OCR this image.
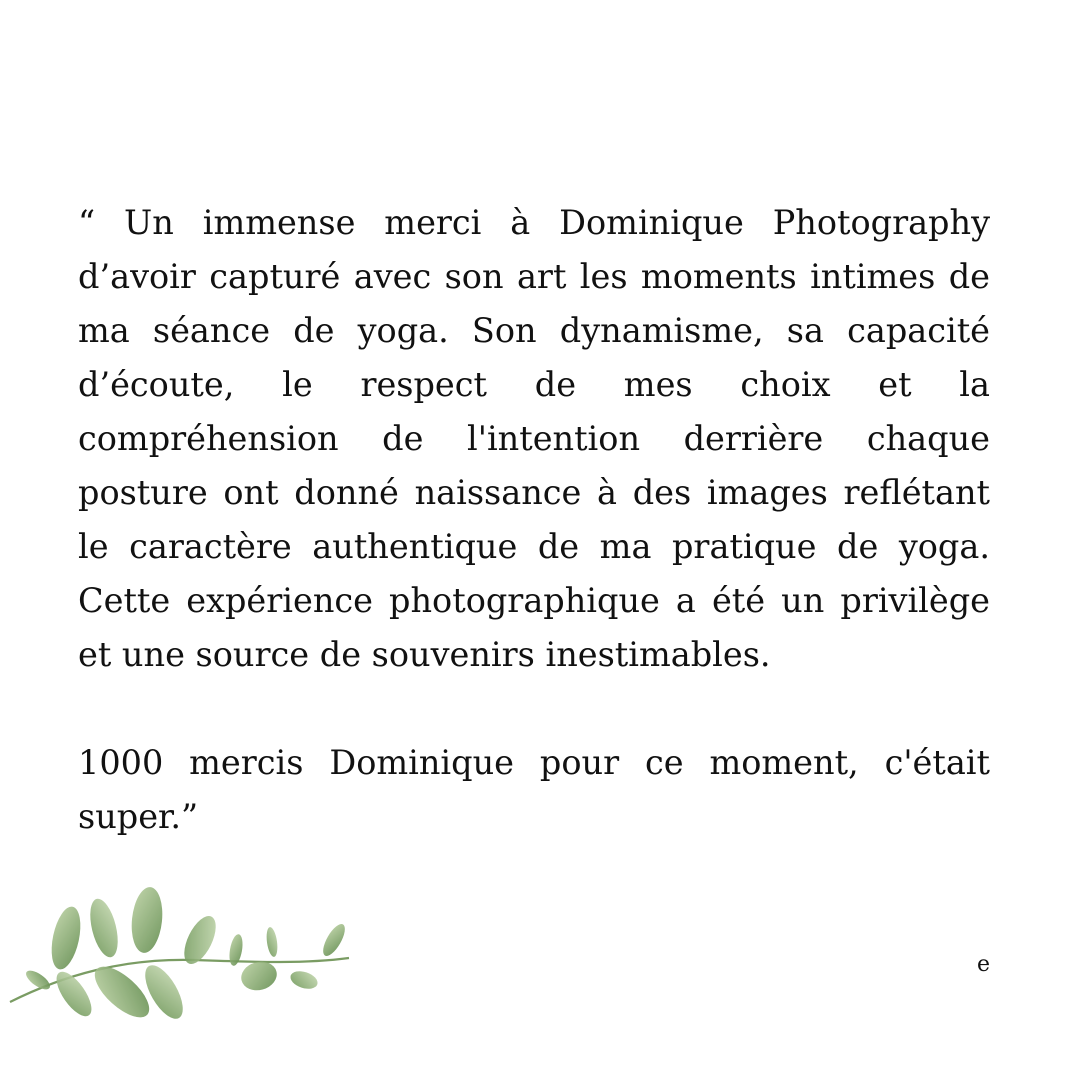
“ Un immense merci à Dominique Photography d’avoir capturé avec son art les moments intimes de ma séance de yoga. Son dynamisme, sa capacité d’écoute, le respect de mes choix et la compréhension de l'intention derrière chaque posture ont donné naissance à des images reflétant le caractère authentique de ma pratique de yoga. Cette expérience photographique a été un privilège et une source de souvenirs inestimables.

1000 mercis Dominique pour ce moment, c'était super.”

e
